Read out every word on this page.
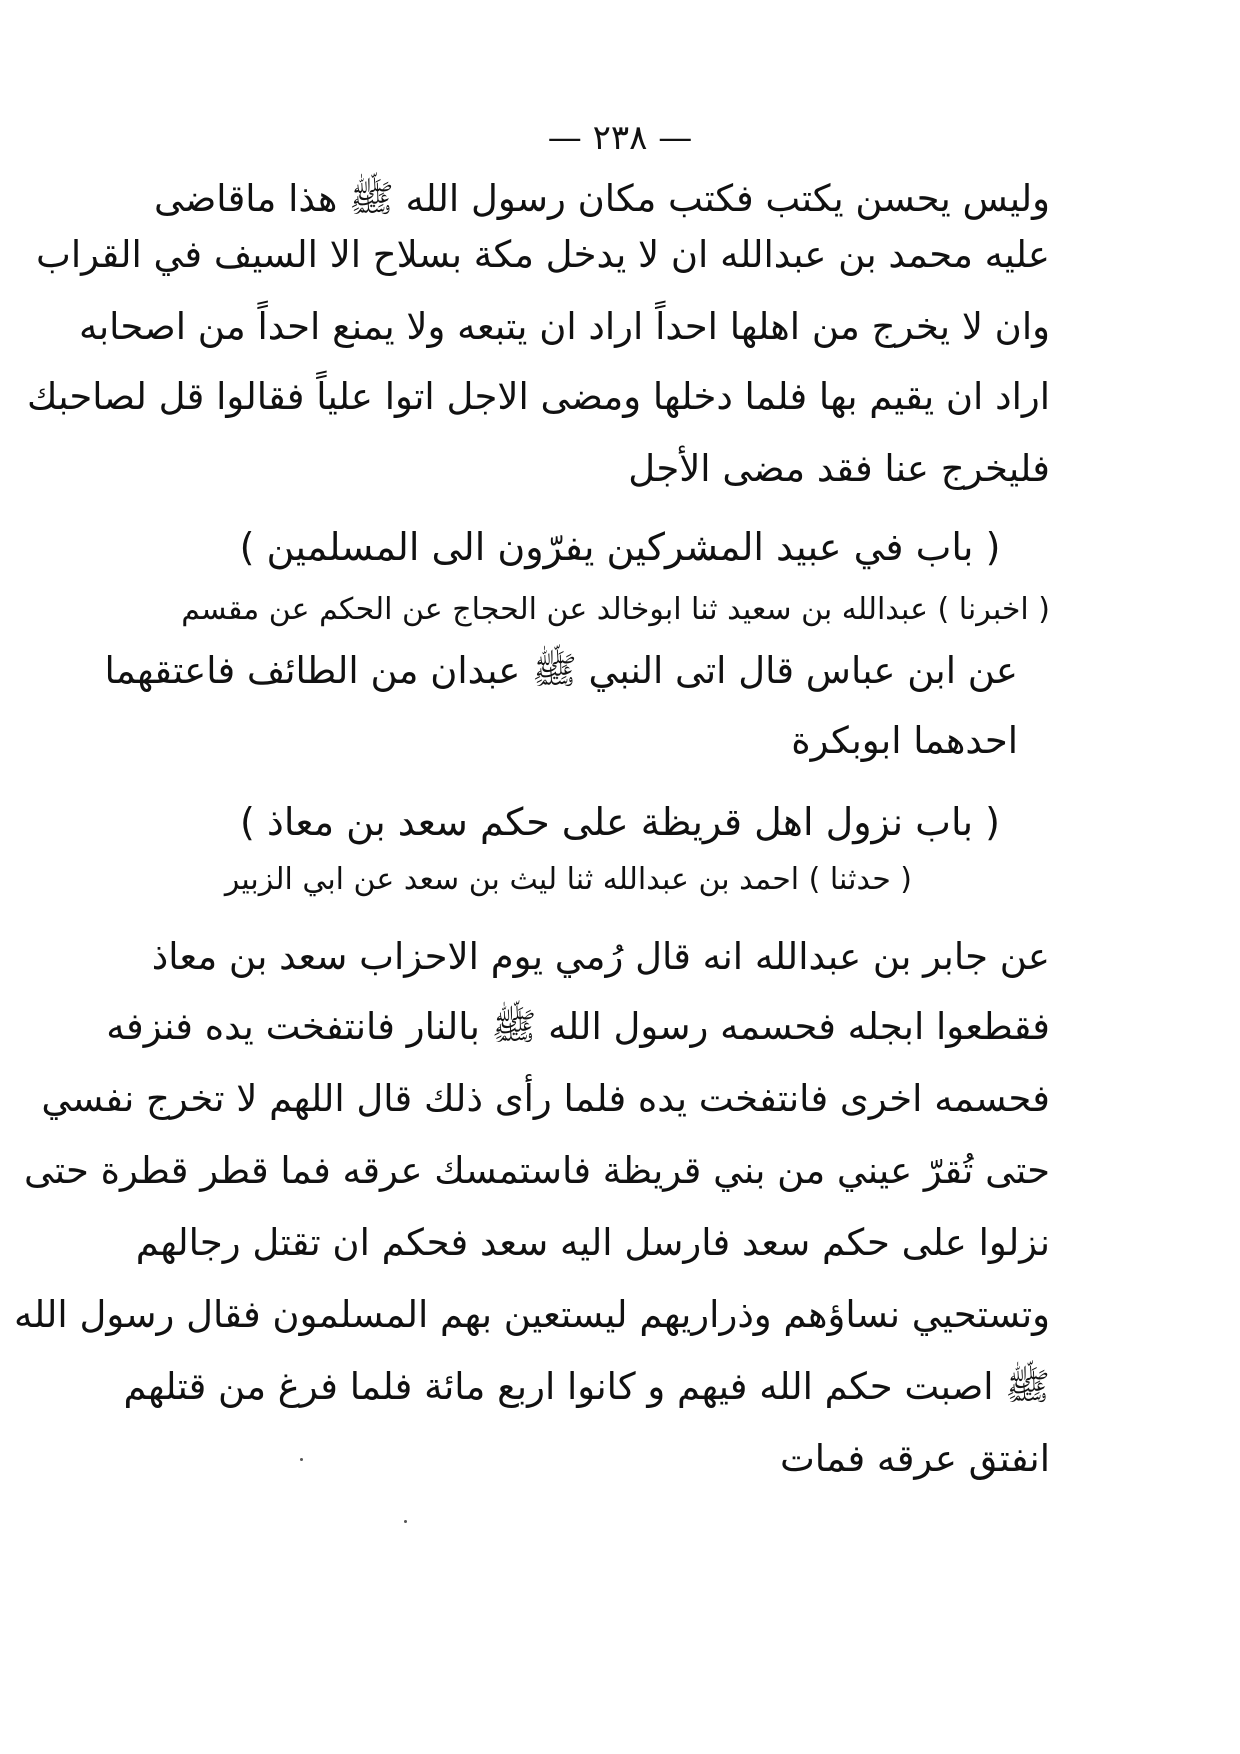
— ٢٣٨ —
وليس يحسن يكتب فكتب مكان رسول الله ﷺ هذا ماقاضى
عليه محمد بن عبدالله ان لا يدخل مكة بسلاح الا السيف في القراب
وان لا يخرج من اهلها احداً اراد ان يتبعه ولا يمنع احداً من اصحابه
اراد ان يقيم بها فلما دخلها ومضى الاجل اتوا علياً فقالوا قل لصاحبك
فليخرج عنا فقد مضى الأجل
( باب في عبيد المشركين يفرّون الى المسلمين )
( اخبرنا ) عبدالله بن سعيد ثنا ابوخالد عن الحجاج عن الحكم عن مقسم
عن ابن عباس قال اتى النبي ﷺ عبدان من الطائف فاعتقهما
احدهما ابوبكرة
( باب نزول اهل قريظة على حكم سعد بن معاذ )
( حدثنا ) احمد بن عبدالله ثنا ليث بن سعد عن ابي الزبير
عن جابر بن عبدالله انه قال رُمي يوم الاحزاب سعد بن معاذ
فقطعوا ابجله فحسمه رسول الله ﷺ بالنار فانتفخت يده فنزفه
فحسمه اخرى فانتفخت يده فلما رأى ذلك قال اللهم لا تخرج نفسي
حتى تُقرّ عيني من بني قريظة فاستمسك عرقه فما قطر قطرة حتى
نزلوا على حكم سعد فارسل اليه سعد فحكم ان تقتل رجالهم
وتستحيي نساؤهم وذراريهم ليستعين بهم المسلمون فقال رسول الله
ﷺ اصبت حكم الله فيهم و كانوا اربع مائة فلما فرغ من قتلهم
انفتق عرقه فمات
